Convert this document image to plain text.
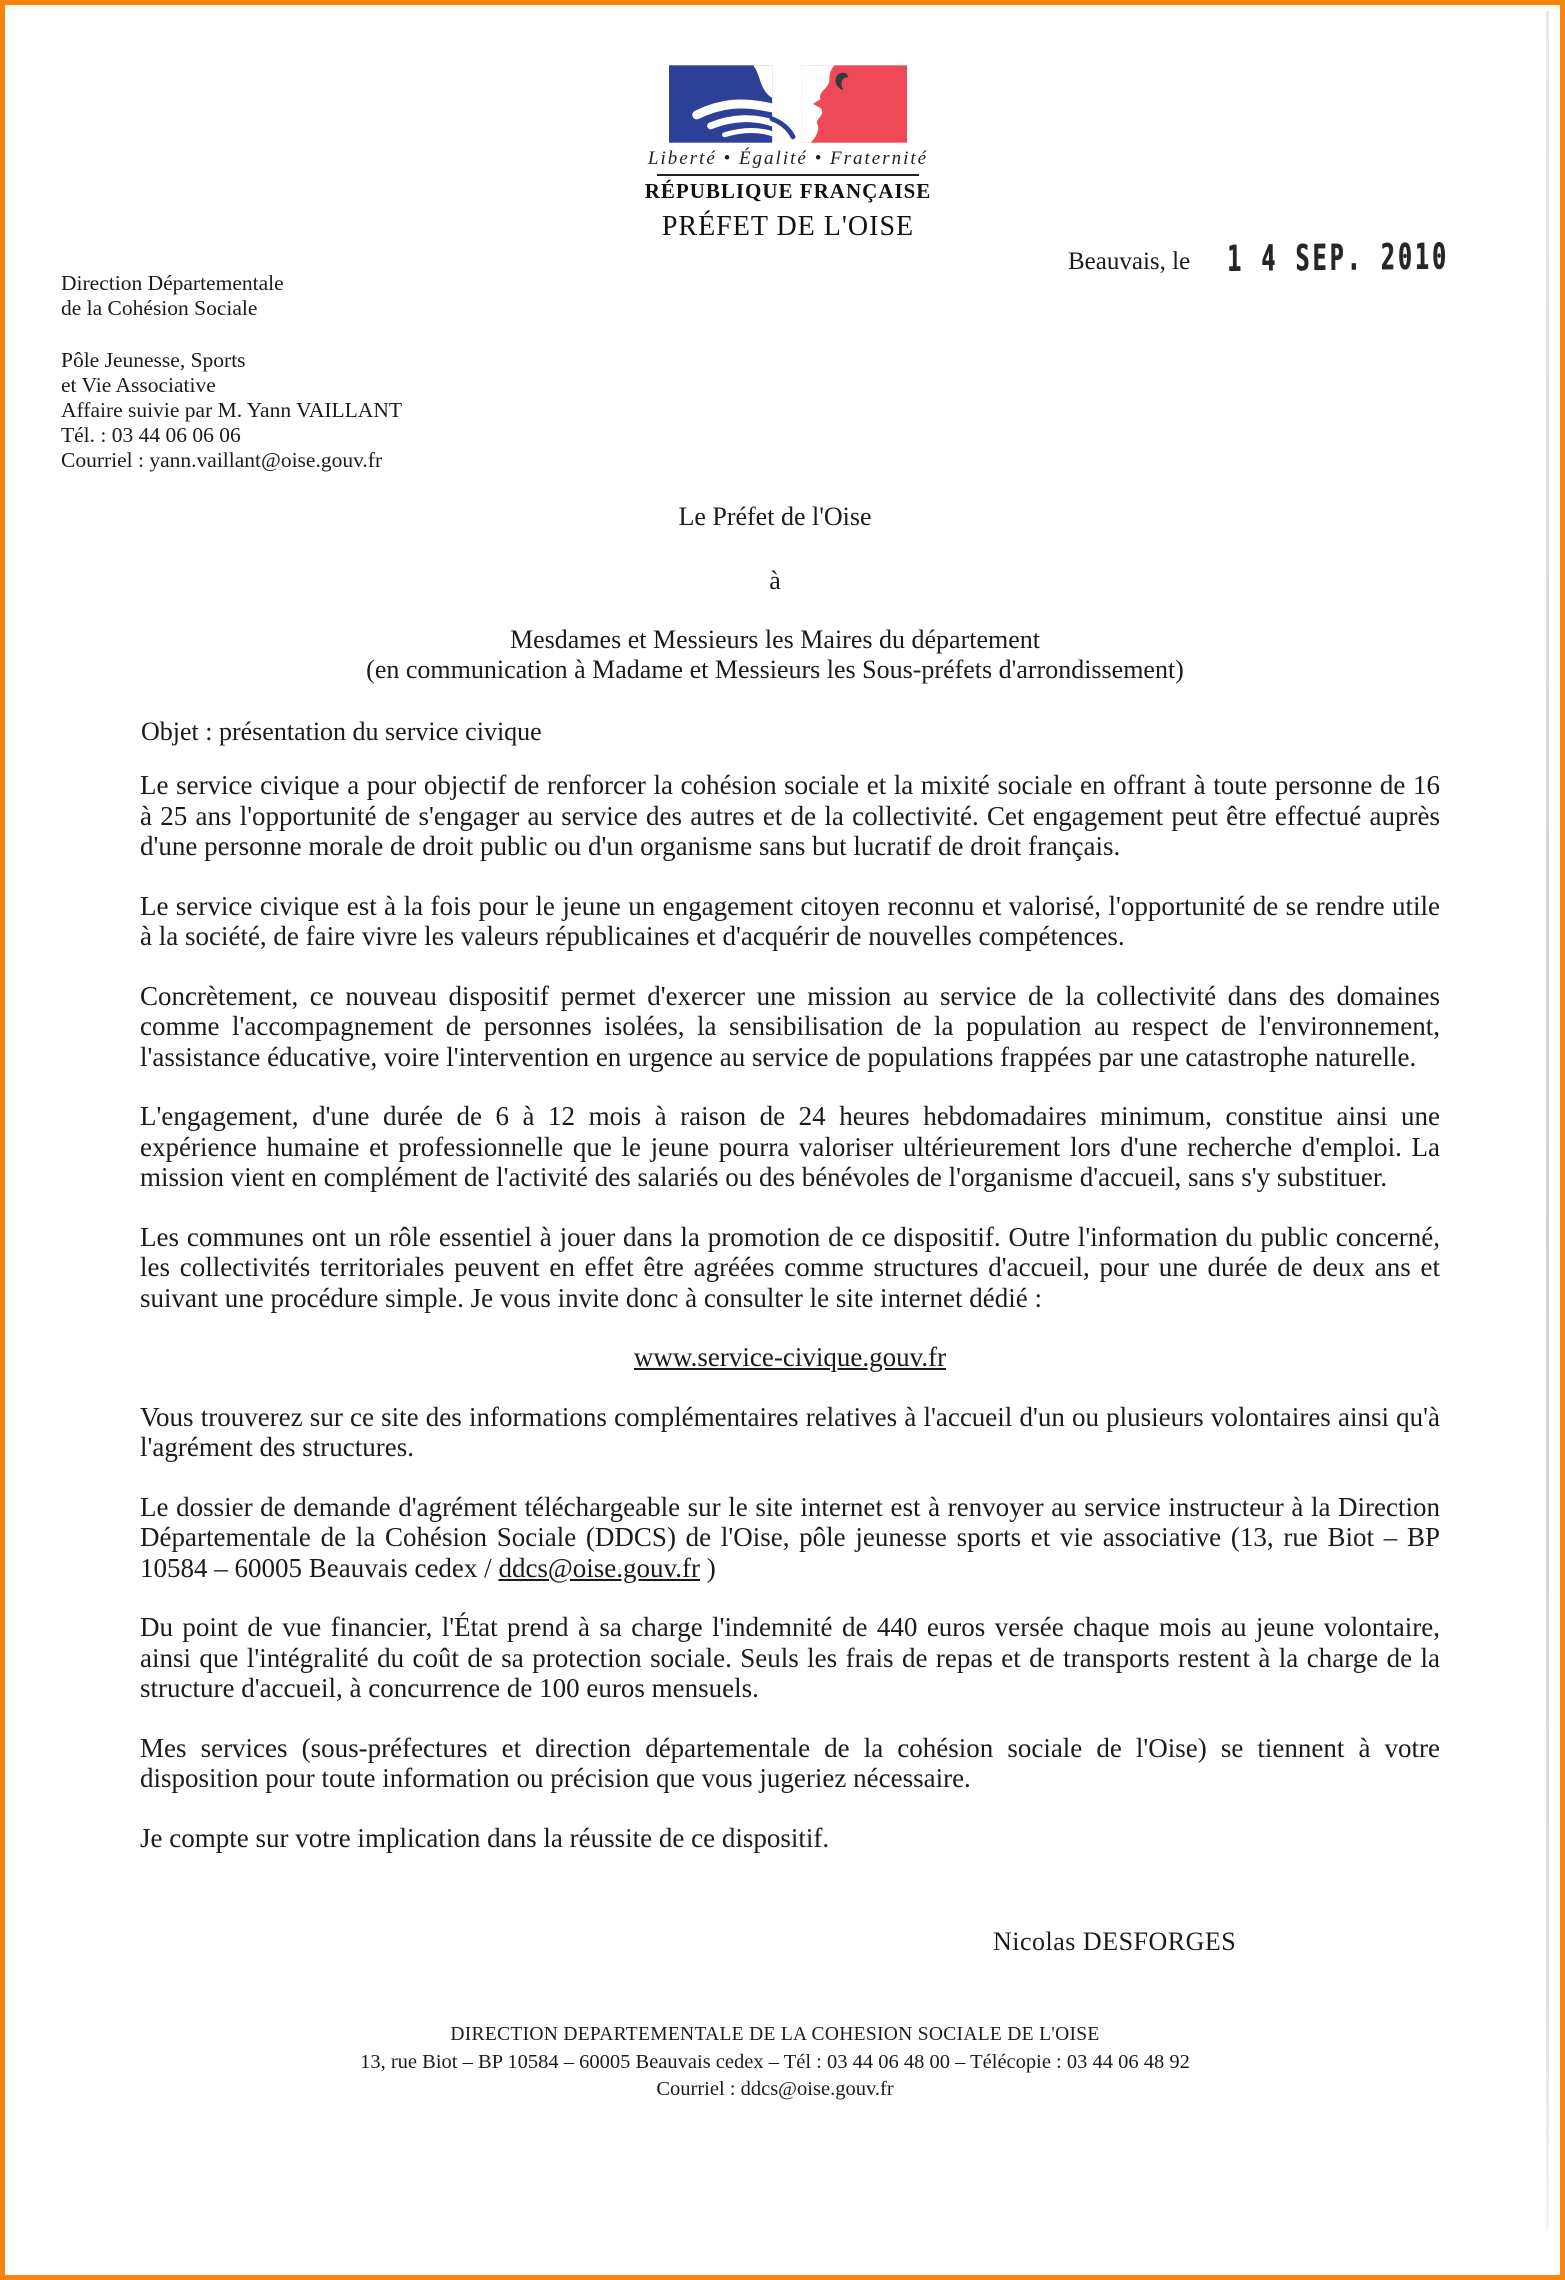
Liberté • Égalité • Fraternité
RÉPUBLIQUE FRANÇAISE
PRÉFET DE L'OISE
Beauvais, le 1 4 SEP. 2010
Direction Départementale
de la Cohésion Sociale
Pôle Jeunesse, Sports
et Vie Associative
Affaire suivie par M. Yann VAILLANT
Tél. : 03 44 06 06 06
Courriel : yann.vaillant@oise.gouv.fr
Le Préfet de l'Oise
à
Mesdames et Messieurs les Maires du département
(en communication à Madame et Messieurs les Sous-préfets d'arrondissement)
Objet : présentation du service civique

Le service civique a pour objectif de renforcer la cohésion sociale et la mixité sociale en offrant à toute personne de 16 à 25 ans l'opportunité de s'engager au service des autres et de la collectivité. Cet engagement peut être effectué auprès d'une personne morale de droit public ou d'un organisme sans but lucratif de droit français.

Le service civique est à la fois pour le jeune un engagement citoyen reconnu et valorisé, l'opportunité de se rendre utile à la société, de faire vivre les valeurs républicaines et d'acquérir de nouvelles compétences.

Concrètement, ce nouveau dispositif permet d'exercer une mission au service de la collectivité dans des domaines comme l'accompagnement de personnes isolées, la sensibilisation de la population au respect de l'environnement, l'assistance éducative, voire l'intervention en urgence au service de populations frappées par une catastrophe naturelle.

L'engagement, d'une durée de 6 à 12 mois à raison de 24 heures hebdomadaires minimum, constitue ainsi une expérience humaine et professionnelle que le jeune pourra valoriser ultérieurement lors d'une recherche d'emploi. La mission vient en complément de l'activité des salariés ou des bénévoles de l'organisme d'accueil, sans s'y substituer.

Les communes ont un rôle essentiel à jouer dans la promotion de ce dispositif. Outre l'information du public concerné, les collectivités territoriales peuvent en effet être agréées comme structures d'accueil, pour une durée de deux ans et suivant une procédure simple. Je vous invite donc à consulter le site internet dédié :

www.service-civique.gouv.fr

Vous trouverez sur ce site des informations complémentaires relatives à l'accueil d'un ou plusieurs volontaires ainsi qu'à l'agrément des structures.

Le dossier de demande d'agrément téléchargeable sur le site internet est à renvoyer au service instructeur à la Direction Départementale de la Cohésion Sociale (DDCS) de l'Oise, pôle jeunesse sports et vie associative (13, rue Biot – BP 10584 – 60005 Beauvais cedex / ddcs@oise.gouv.fr )

Du point de vue financier, l'État prend à sa charge l'indemnité de 440 euros versée chaque mois au jeune volontaire, ainsi que l'intégralité du coût de sa protection sociale. Seuls les frais de repas et de transports restent à la charge de la structure d'accueil, à concurrence de 100 euros mensuels.

Mes services (sous-préfectures et direction départementale de la cohésion sociale de l'Oise) se tiennent à votre disposition pour toute information ou précision que vous jugeriez nécessaire.

Je compte sur votre implication dans la réussite de ce dispositif.

Nicolas DESFORGES
DIRECTION DEPARTEMENTALE DE LA COHESION SOCIALE DE L'OISE
13, rue Biot – BP 10584 – 60005 Beauvais cedex – Tél : 03 44 06 48 00 – Télécopie : 03 44 06 48 92
Courriel : ddcs@oise.gouv.fr
